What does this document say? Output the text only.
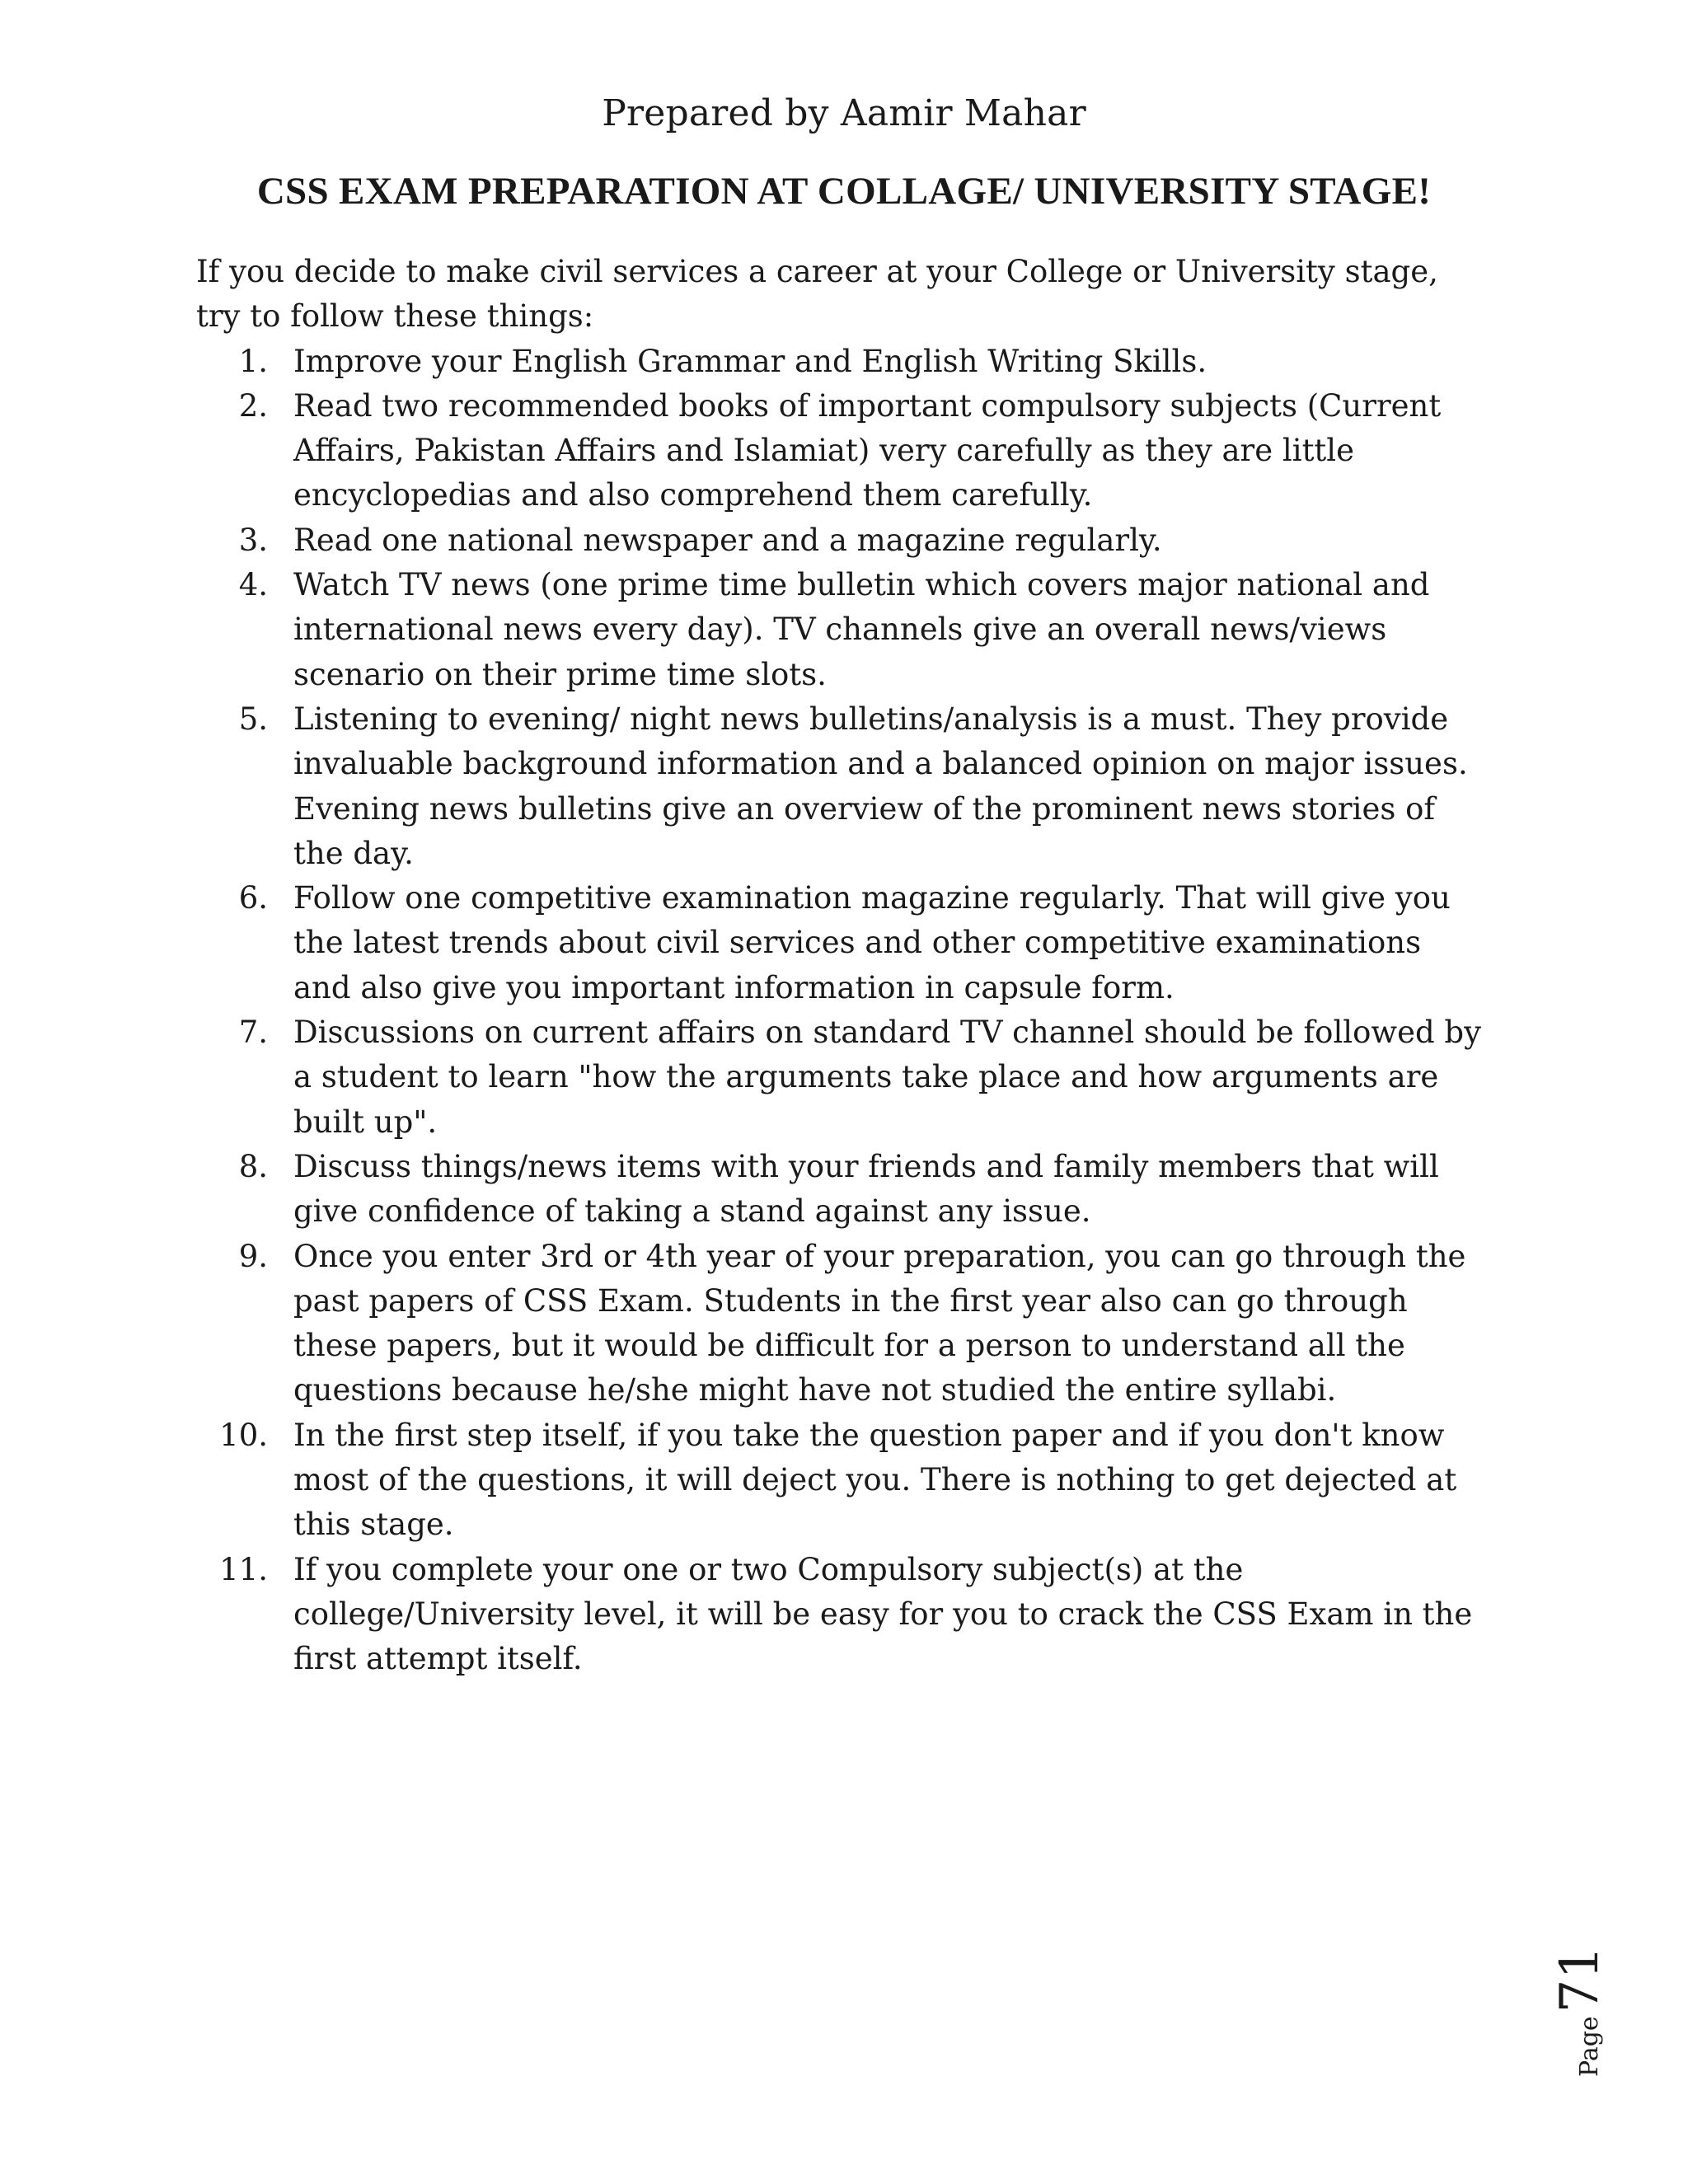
Prepared by Aamir Mahar
CSS EXAM PREPARATION AT COLLAGE/ UNIVERSITY STAGE!

If you decide to make civil services a career at your College or University stage, try to follow these things:

1. Improve your English Grammar and English Writing Skills.
2. Read two recommended books of important compulsory subjects (Current Affairs, Pakistan Affairs and Islamiat) very carefully as they are little encyclopedias and also comprehend them carefully.
3. Read one national newspaper and a magazine regularly.
4. Watch TV news (one prime time bulletin which covers major national and international news every day). TV channels give an overall news/views scenario on their prime time slots.
5. Listening to evening/ night news bulletins/analysis is a must. They provide invaluable background information and a balanced opinion on major issues. Evening news bulletins give an overview of the prominent news stories of the day.
6. Follow one competitive examination magazine regularly. That will give you the latest trends about civil services and other competitive examinations and also give you important information in capsule form.
7. Discussions on current affairs on standard TV channel should be followed by a student to learn "how the arguments take place and how arguments are built up".
8. Discuss things/news items with your friends and family members that will give confidence of taking a stand against any issue.
9. Once you enter 3rd or 4th year of your preparation, you can go through the past papers of CSS Exam. Students in the first year also can go through these papers, but it would be difficult for a person to understand all the questions because he/she might have not studied the entire syllabi.
10. In the first step itself, if you take the question paper and if you don't know most of the questions, it will deject you. There is nothing to get dejected at this stage.
11. If you complete your one or two Compulsory subject(s) at the college/University level, it will be easy for you to crack the CSS Exam in the first attempt itself.
Page71
